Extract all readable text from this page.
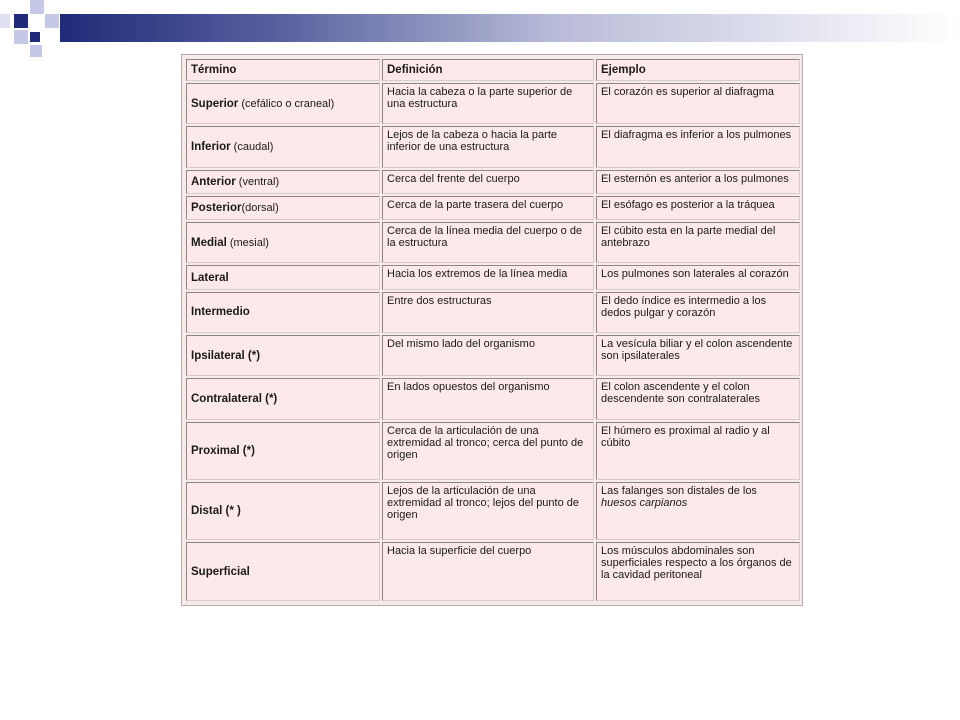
Término	Definición	Ejemplo
Superior (cefálico o craneal)	Hacia la cabeza o la parte superior de una estructura	El corazón es superior al diafragma
Inferior (caudal)	Lejos de la cabeza o hacia la parte inferior de una estructura	El diafragma es inferior a los pulmones
Anterior (ventral)	Cerca del frente del cuerpo	El esternón es anterior a los pulmones
Posterior(dorsal)	Cerca de la parte trasera del cuerpo	El esófago es posterior a la tráquea
Medial (mesial)	Cerca de la línea media del cuerpo o de la estructura	El cúbito esta en la parte medial del antebrazo
Lateral	Hacia los extremos de la línea media	Los pulmones son laterales al corazón
Intermedio	Entre dos estructuras	El dedo índice es intermedio a los dedos pulgar y corazón
Ipsilateral (*)	Del mismo lado del organismo	La vesícula biliar y el colon ascendente son ipsilaterales
Contralateral (*)	En lados opuestos del organismo	El colon ascendente y el colon descendente son contralaterales
Proximal (*)	Cerca de la articulación de una extremidad al tronco; cerca del punto de origen	El húmero es proximal al radio y al cúbito
Distal (* )	Lejos de la articulación de una extremidad al tronco; lejos del punto de origen	Las falanges son distales de los huesos carpianos
Superficial	Hacia la superficie del cuerpo	Los músculos abdominales son superficiales respecto a los órganos de la cavidad peritoneal
